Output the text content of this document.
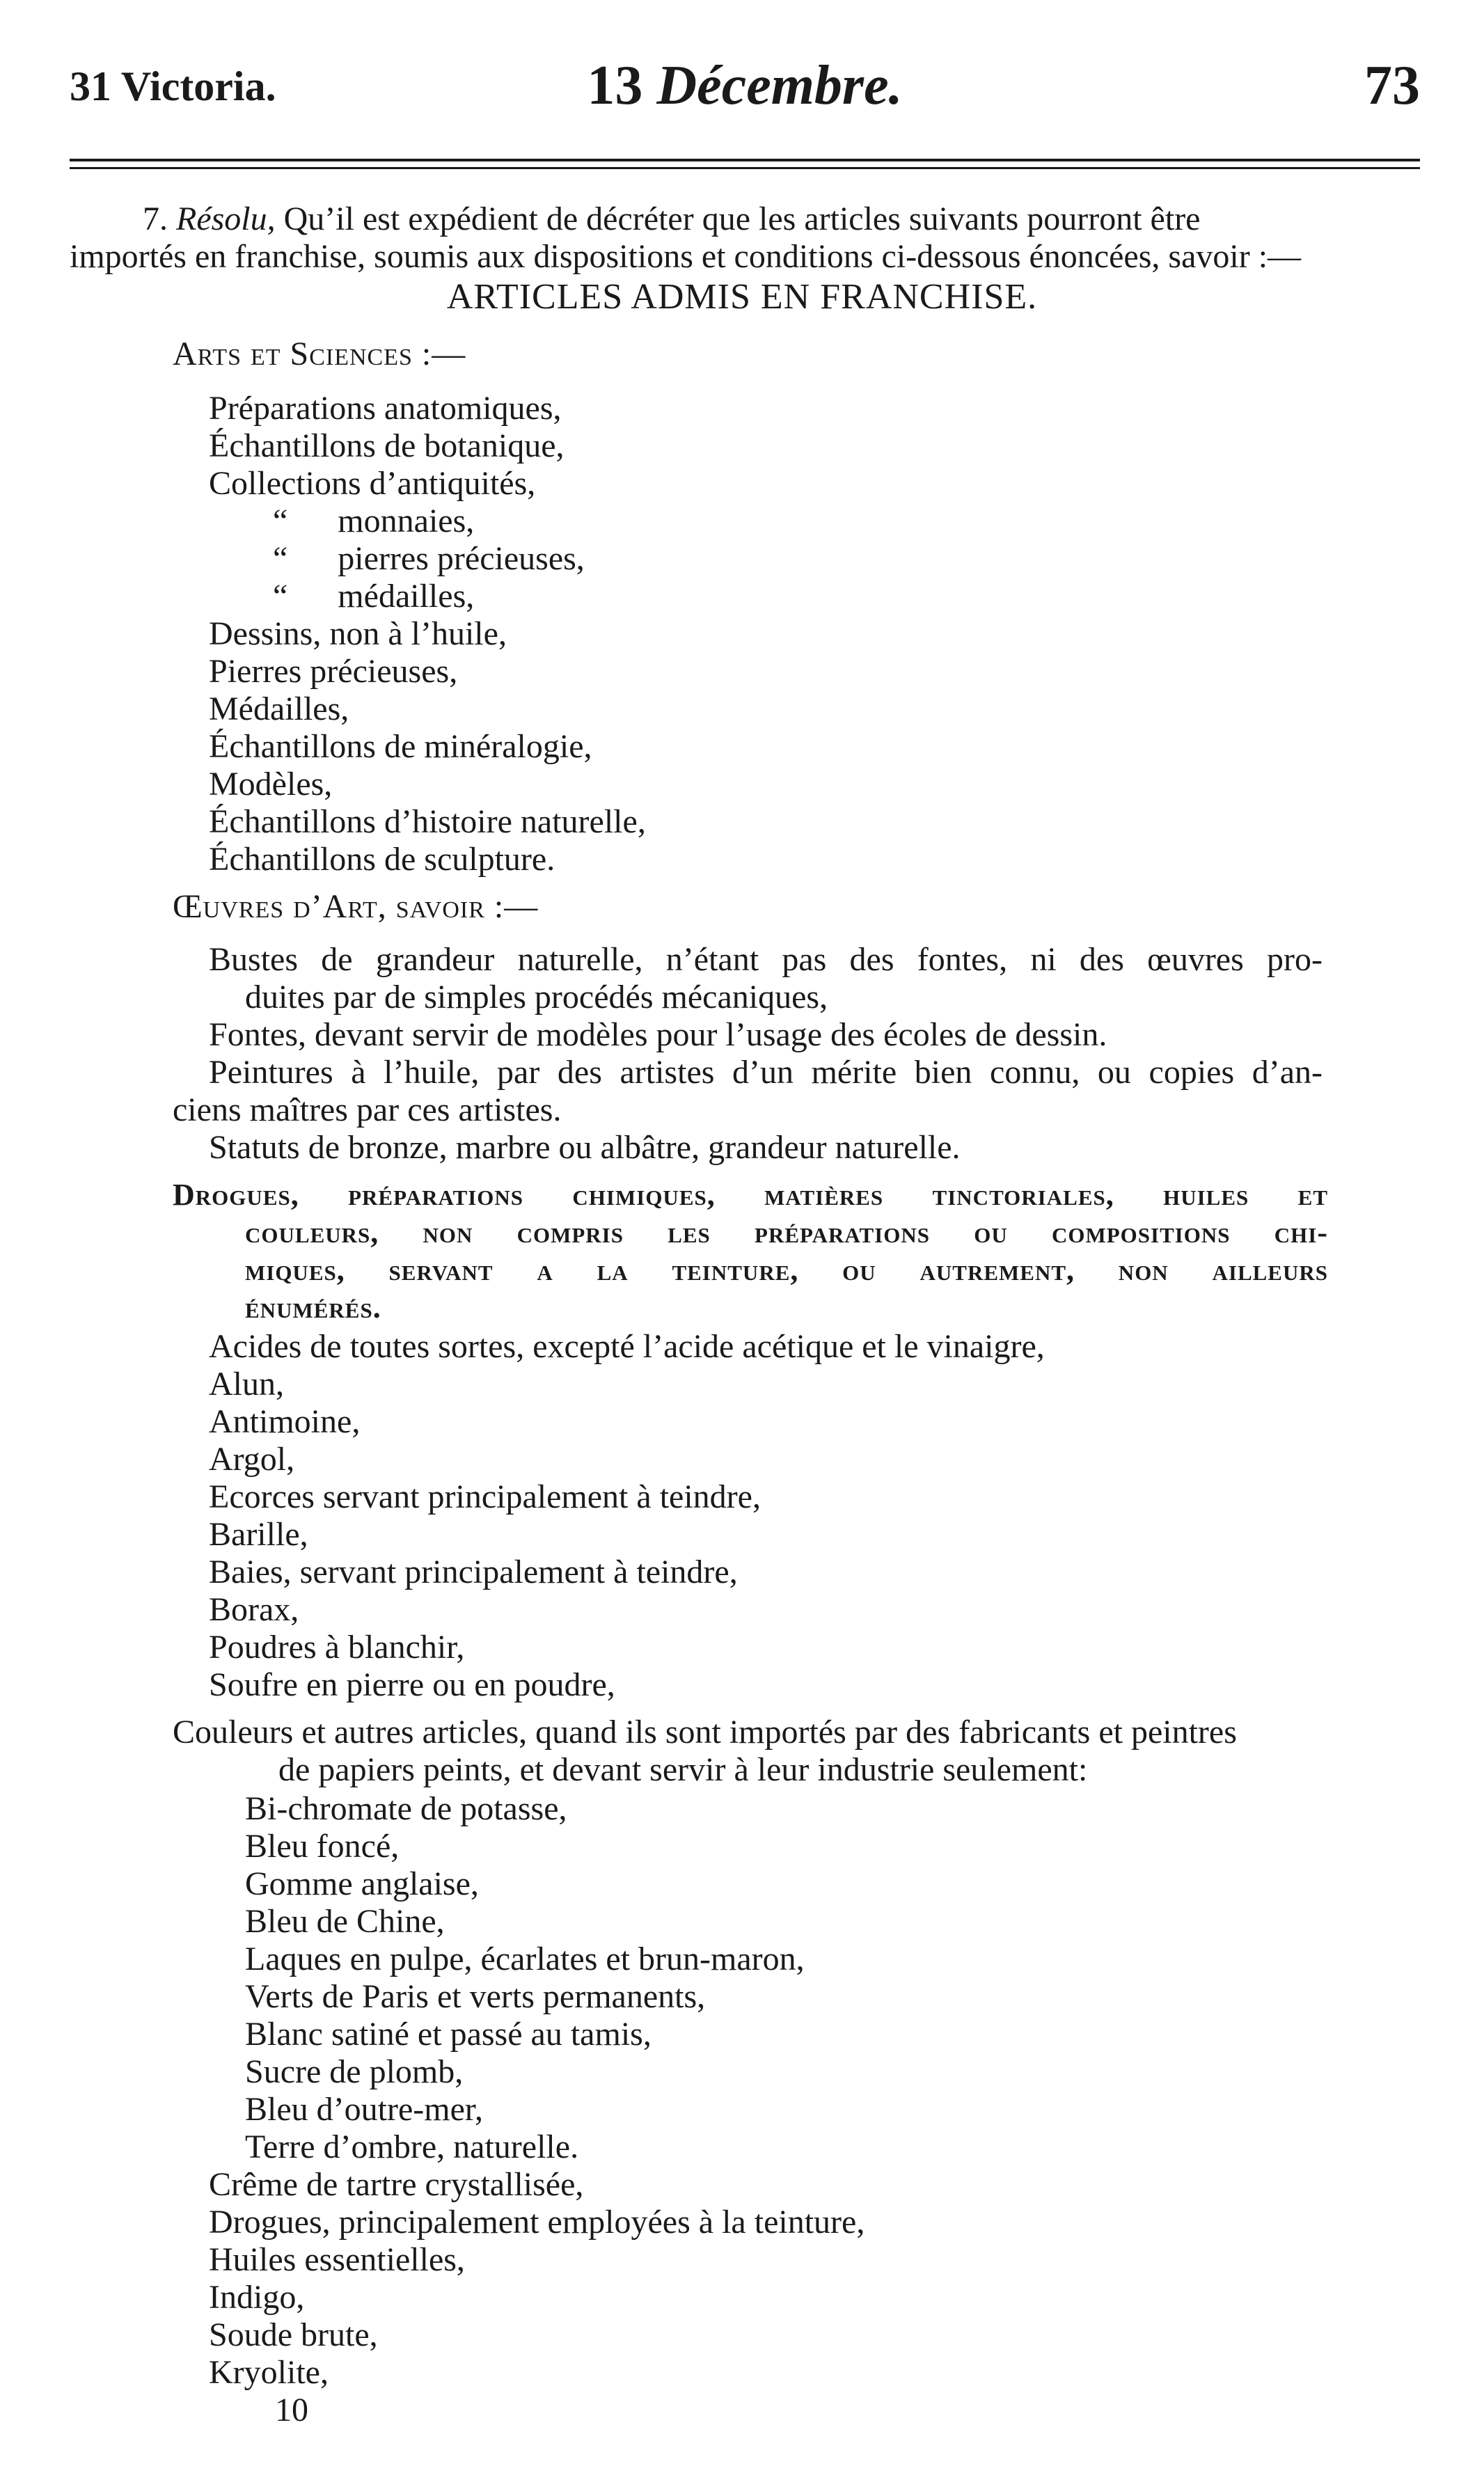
31 Victoria.	13 Décembre.	73
7. Résolu, Qu’il est expédient de décréter que les articles suivants pourront être
importés en franchise, soumis aux dispositions et conditions ci-dessous énoncées, savoir :—
ARTICLES ADMIS EN FRANCHISE.
Arts et Sciences :—
Préparations anatomiques,
Échantillons de botanique,
Collections d’antiquités,
“      monnaies,
“      pierres précieuses,
“      médailles,
Dessins, non à l’huile,
Pierres précieuses,
Médailles,
Échantillons de minéralogie,
Modèles,
Échantillons d’histoire naturelle,
Échantillons de sculpture.
Œuvres d’Art, savoir :—
Bustes de grandeur naturelle, n’étant pas des fontes, ni des œuvres pro-
duites par de simples procédés mécaniques,
Fontes, devant servir de modèles pour l’usage des écoles de dessin.
Peintures à l’huile, par des artistes d’un mérite bien connu, ou copies d’an-
ciens maîtres par ces artistes.
Statuts de bronze, marbre ou albâtre, grandeur naturelle.
Drogues, préparations chimiques, matières tinctoriales, huiles et
couleurs, non compris les préparations ou compositions chi-
miques, servant a la teinture, ou autrement, non ailleurs
énumérés.
Acides de toutes sortes, excepté l’acide acétique et le vinaigre,
Alun,
Antimoine,
Argol,
Ecorces servant principalement à teindre,
Barille,
Baies, servant principalement à teindre,
Borax,
Poudres à blanchir,
Soufre en pierre ou en poudre,
Couleurs et autres articles, quand ils sont importés par des fabricants et peintres
de papiers peints, et devant servir à leur industrie seulement:
Bi-chromate de potasse,
Bleu foncé,
Gomme anglaise,
Bleu de Chine,
Laques en pulpe, écarlates et brun-maron,
Verts de Paris et verts permanents,
Blanc satiné et passé au tamis,
Sucre de plomb,
Bleu d’outre-mer,
Terre d’ombre, naturelle.
Crême de tartre crystallisée,
Drogues, principalement employées à la teinture,
Huiles essentielles,
Indigo,
Soude brute,
Kryolite,
10
